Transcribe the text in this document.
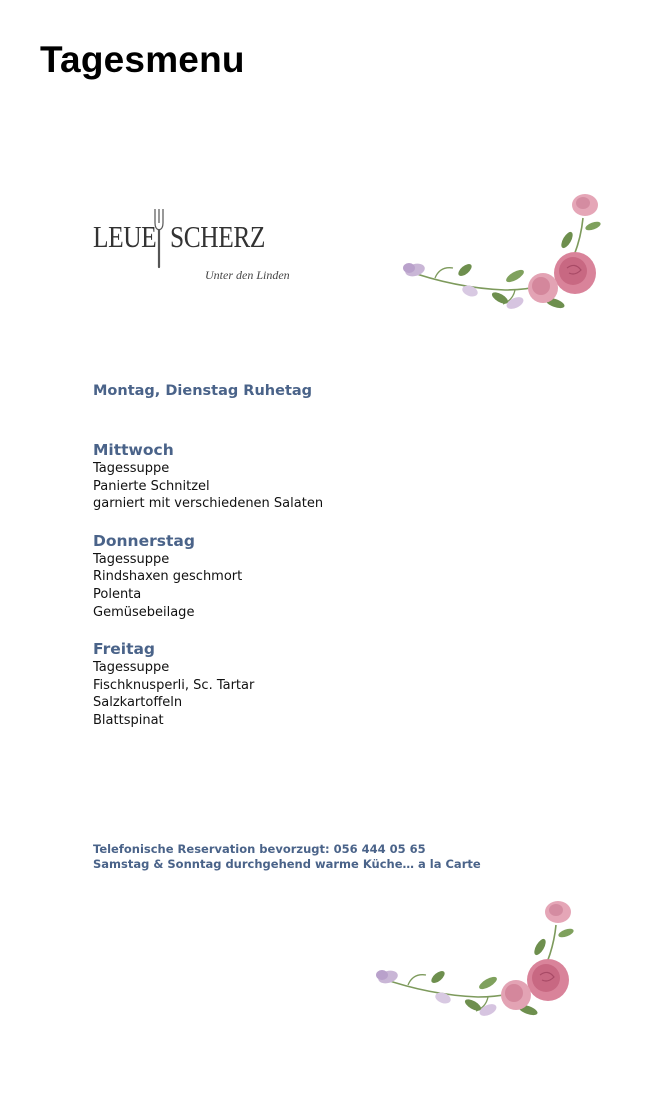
Tagesmenu
LEUE SCHERZ
Unter den Linden

Montag, Dienstag Ruhetag

Mittwoch

Tagessuppe
Panierte Schnitzel
garniert mit verschiedenen Salaten

Donnerstag

Tagessuppe
Rindshaxen geschmort
Polenta
Gemüsebeilage

Freitag

Tagessuppe
Fischknusperli, Sc. Tartar
Salzkartoffeln
Blattspinat
Telefonische Reservation bevorzugt: 056 444 05 65
Samstag & Sonntag durchgehend warme Küche… a la Carte
